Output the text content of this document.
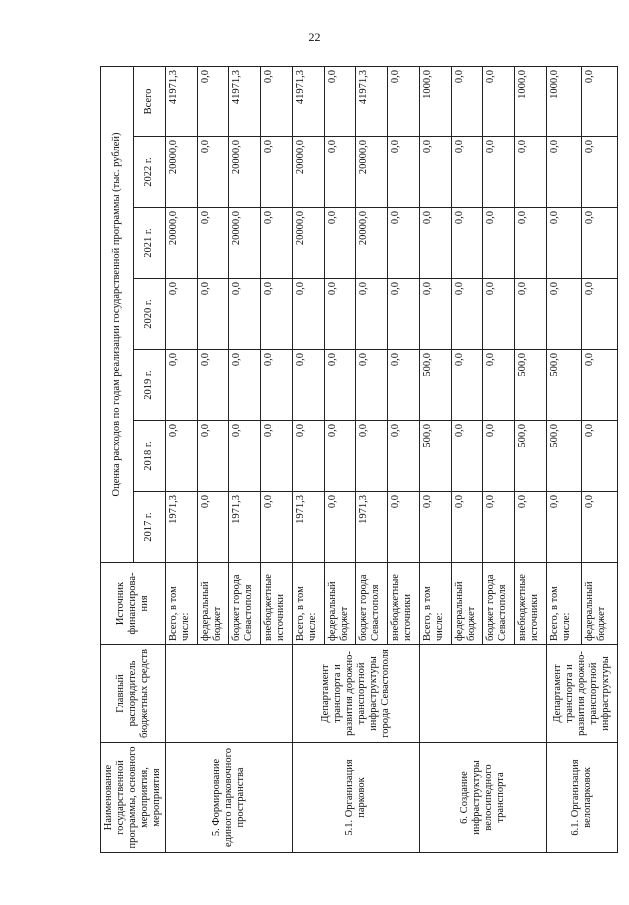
22
Наименование государственной программы, основного мероприятия, мероприятия	Главный распорядитель бюджетных средств	Источник финансирова-ния	Оценка расходов по годам реализации государственной программы (тыс. рублей)						
			2017 г.	2018 г.	2019 г.	2020 г.	2021 г.	2022 г.	Всего
5. Формирование единого парковочного пространства		Всего, в том числе:	1971,3	0,0	0,0	0,0	20000,0	20000,0	41971,3
		федеральный бюджет	0,0	0,0	0,0	0,0	0,0	0,0	0,0
		бюджет города Севастополя	1971,3	0,0	0,0	0,0	20000,0	20000,0	41971,3
		внебюджетные источники	0,0	0,0	0,0	0,0	0,0	0,0	0,0
5.1. Организация парковок	Департамент транспорта и развития дорожно-транспортной инфраструктуры города Севастополя	Всего, в том числе:	1971,3	0,0	0,0	0,0	20000,0	20000,0	41971,3
		федеральный бюджет	0,0	0,0	0,0	0,0	0,0	0,0	0,0
		бюджет города Севастополя	1971,3	0,0	0,0	0,0	20000,0	20000,0	41971,3
		внебюджетные источники	0,0	0,0	0,0	0,0	0,0	0,0	0,0
6. Создание инфраструктуры велосипедного транспорта		Всего, в том числе:	0,0	500,0	500,0	0,0	0,0	0,0	1000,0
		федеральный бюджет	0,0	0,0	0,0	0,0	0,0	0,0	0,0
		бюджет города Севастополя	0,0	0,0	0,0	0,0	0,0	0,0	0,0
		внебюджетные источники	0,0	500,0	500,0	0,0	0,0	0,0	1000,0
6.1. Организация велопарковок	Департамент транспорта и развития дорожно-транспортной инфраструктуры	Всего, в том числе:	0,0	500,0	500,0	0,0	0,0	0,0	1000,0
		федеральный бюджет	0,0	0,0	0,0	0,0	0,0	0,0	0,0
